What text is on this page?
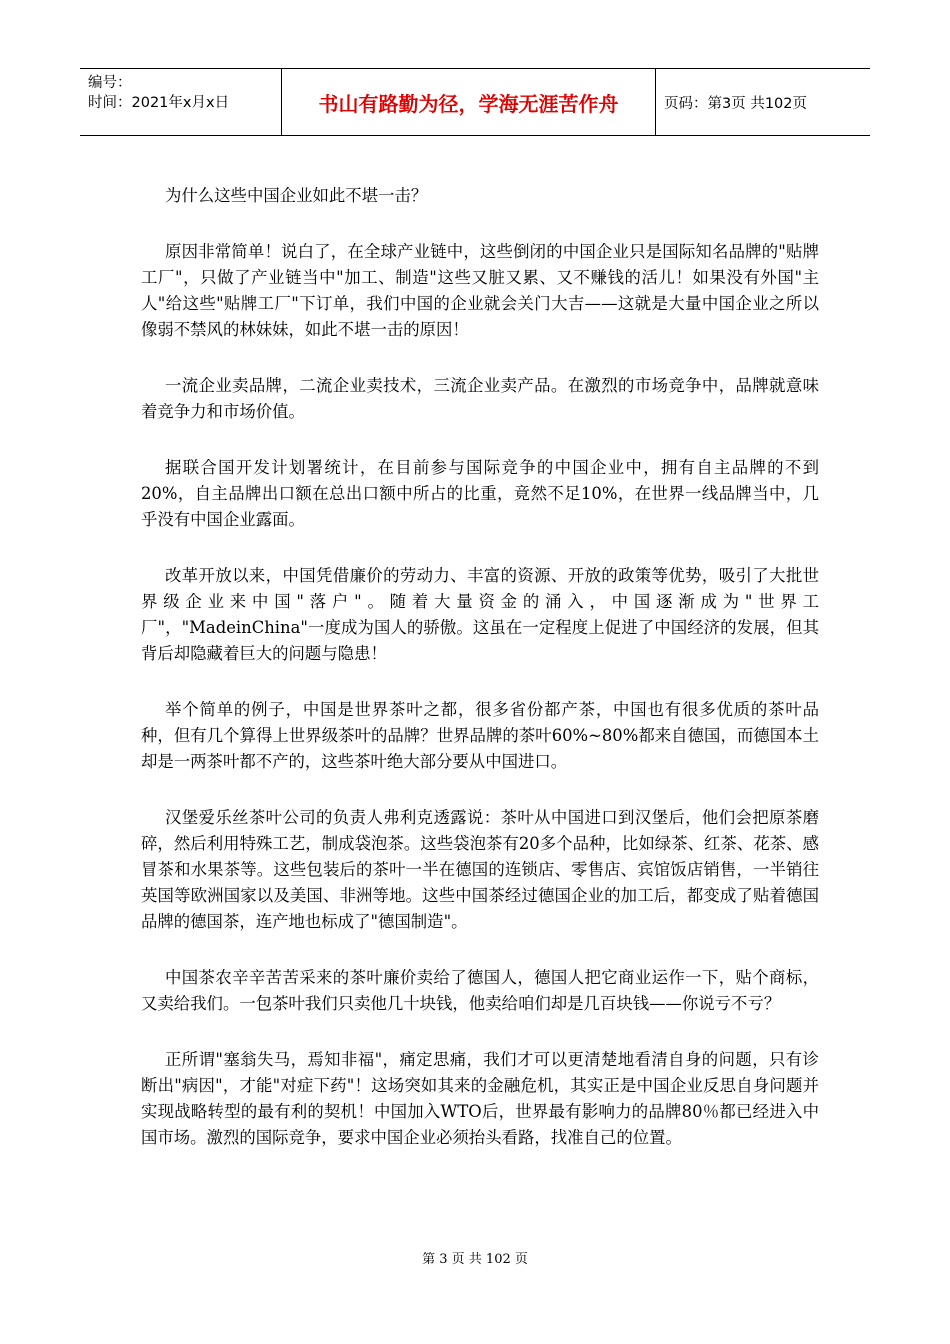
编号：
时间：2021年x月x日	书山有路勤为径，学海无涯苦作舟	页码：第3页 共102页

为什么这些中国企业如此不堪一击？

原因非常简单！说白了，在全球产业链中，这些倒闭的中国企业只是国际知名品牌的"贴牌工厂"，只做了产业链当中"加工、制造"这些又脏又累、又不赚钱的活儿！如果没有外国"主人"给这些"贴牌工厂"下订单，我们中国的企业就会关门大吉——这就是大量中国企业之所以像弱不禁风的林妹妹，如此不堪一击的原因！

一流企业卖品牌，二流企业卖技术，三流企业卖产品。在激烈的市场竞争中，品牌就意味着竞争力和市场价值。

据联合国开发计划署统计，在目前参与国际竞争的中国企业中，拥有自主品牌的不到20%，自主品牌出口额在总出口额中所占的比重，竟然不足10%，在世界一线品牌当中，几乎没有中国企业露面。

改革开放以来，中国凭借廉价的劳动力、丰富的资源、开放的政策等优势，吸引了大批世界级企业来中国"落户"。随着大量资金的涌入，中国逐渐成为"世界工厂"，"MadeinChina"一度成为国人的骄傲。这虽在一定程度上促进了中国经济的发展，但其背后却隐藏着巨大的问题与隐患！

举个简单的例子，中国是世界茶叶之都，很多省份都产茶，中国也有很多优质的茶叶品种，但有几个算得上世界级茶叶的品牌？世界品牌的茶叶60%~80%都来自德国，而德国本土却是一两茶叶都不产的，这些茶叶绝大部分要从中国进口。

汉堡爱乐丝茶叶公司的负责人弗利克透露说：茶叶从中国进口到汉堡后，他们会把原茶磨碎，然后利用特殊工艺，制成袋泡茶。这些袋泡茶有20多个品种，比如绿茶、红茶、花茶、感冒茶和水果茶等。这些包装后的茶叶一半在德国的连锁店、零售店、宾馆饭店销售，一半销往英国等欧洲国家以及美国、非洲等地。这些中国茶经过德国企业的加工后，都变成了贴着德国品牌的德国茶，连产地也标成了"德国制造"。

中国茶农辛辛苦苦采来的茶叶廉价卖给了德国人，德国人把它商业运作一下，贴个商标，又卖给我们。一包茶叶我们只卖他几十块钱，他卖给咱们却是几百块钱——你说亏不亏？

正所谓"塞翁失马，焉知非福"，痛定思痛，我们才可以更清楚地看清自身的问题，只有诊断出"病因"，才能"对症下药"！这场突如其来的金融危机，其实正是中国企业反思自身问题并实现战略转型的最有利的契机！中国加入WTO后，世界最有影响力的品牌80％都已经进入中国市场。激烈的国际竞争，要求中国企业必须抬头看路，找准自己的位置。

第 3 页 共 102 页
